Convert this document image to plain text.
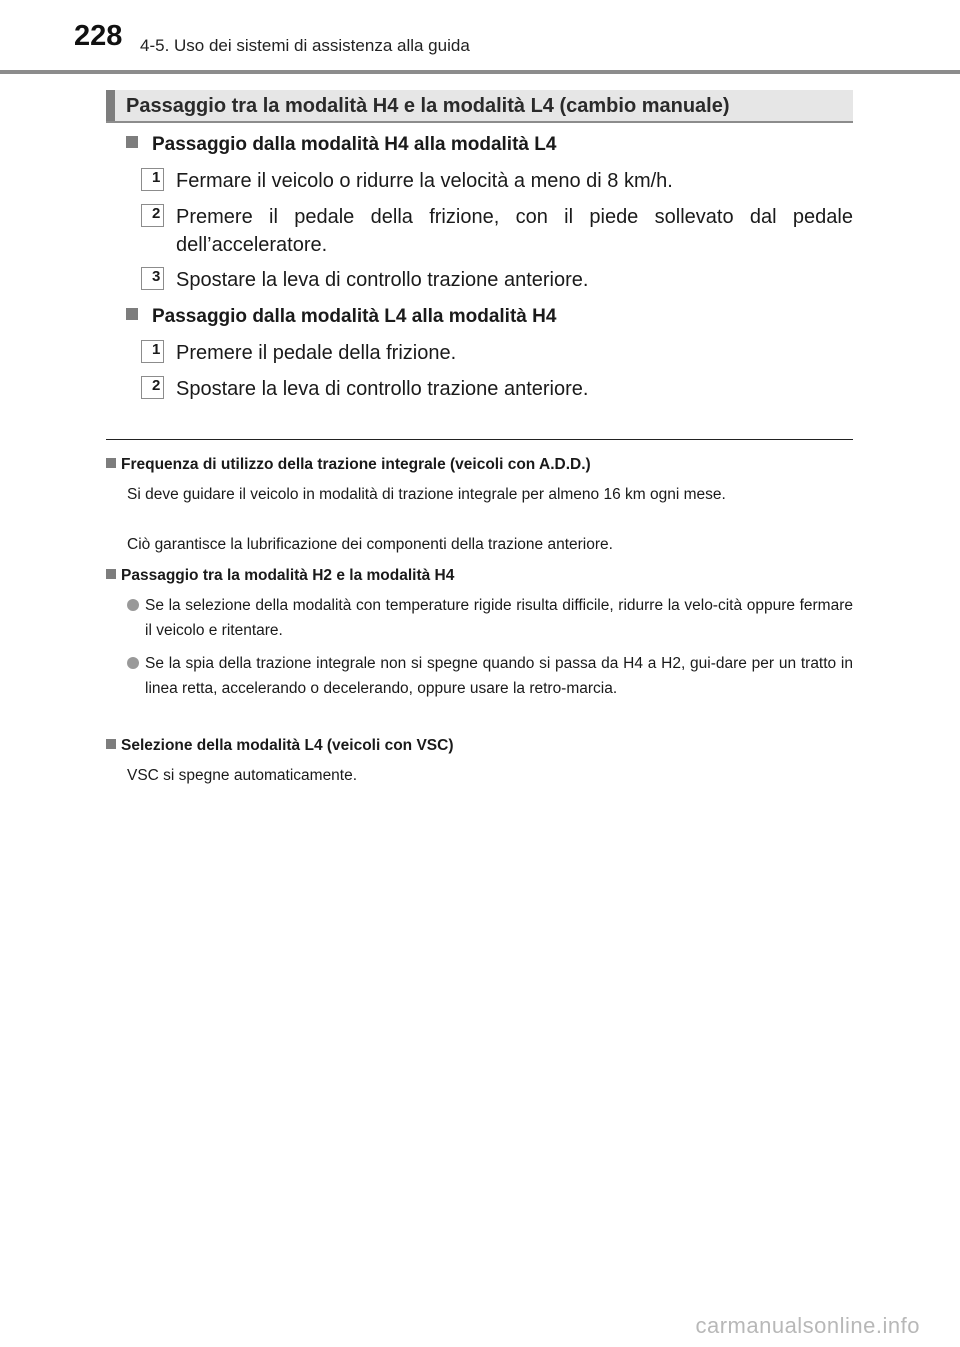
228 4-5. Uso dei sistemi di assistenza alla guida
Passaggio tra la modalità H4 e la modalità L4 (cambio manuale)
Passaggio dalla modalità H4 alla modalità L4
1 Fermare il veicolo o ridurre la velocità a meno di 8 km/h.
2 Premere il pedale della frizione, con il piede sollevato dal pedale dell’acceleratore.
3 Spostare la leva di controllo trazione anteriore.
Passaggio dalla modalità L4 alla modalità H4
1 Premere il pedale della frizione.
2 Spostare la leva di controllo trazione anteriore.
Frequenza di utilizzo della trazione integrale (veicoli con A.D.D.)
Si deve guidare il veicolo in modalità di trazione integrale per almeno 16 km ogni mese.
Ciò garantisce la lubrificazione dei componenti della trazione anteriore.
Passaggio tra la modalità H2 e la modalità H4
Se la selezione della modalità con temperature rigide risulta difficile, ridurre la velo-cità oppure fermare il veicolo e ritentare.
Se la spia della trazione integrale non si spegne quando si passa da H4 a H2, gui-dare per un tratto in linea retta, accelerando o decelerando, oppure usare la retro-marcia.
Selezione della modalità L4 (veicoli con VSC)
VSC si spegne automaticamente.
carmanualsonline.info
